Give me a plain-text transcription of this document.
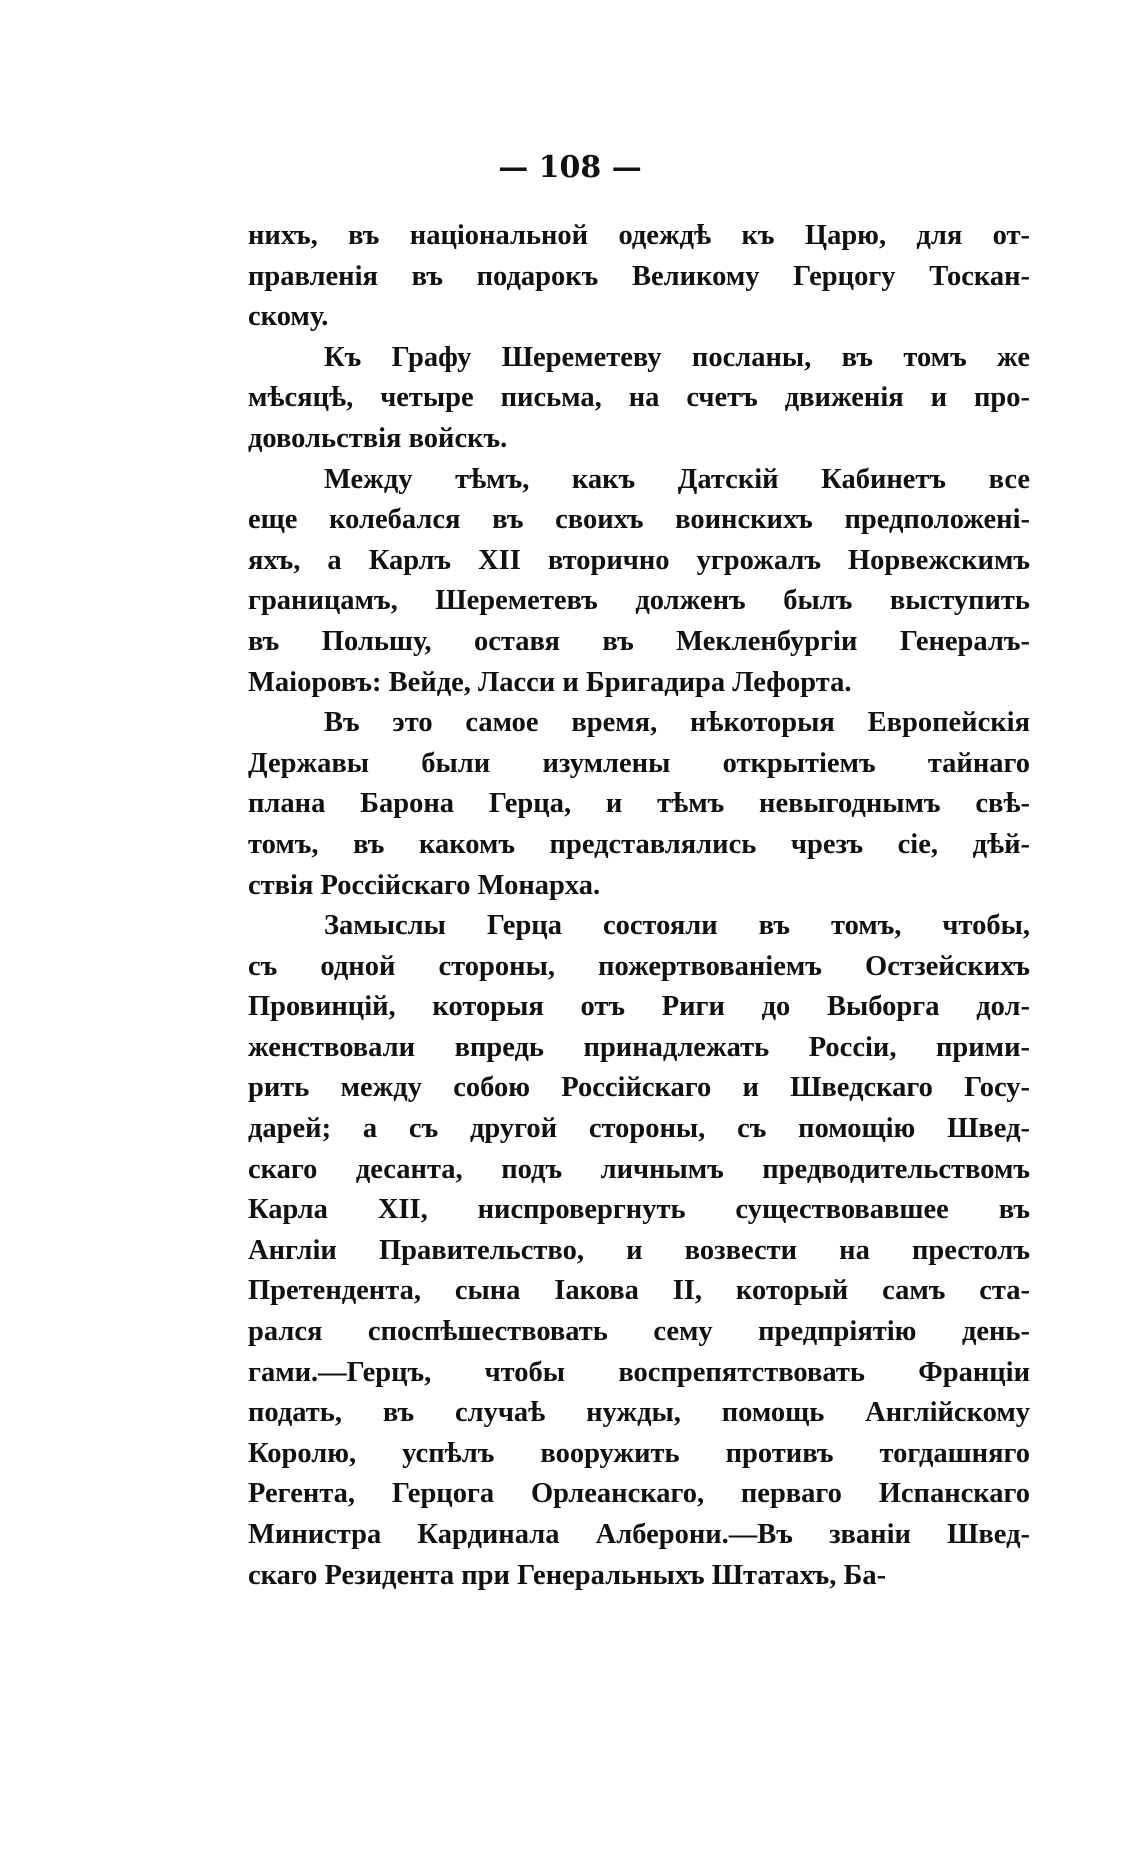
— 108 —
нихъ, въ національной одеждѣ къ Царю, для от-
правленія въ подарокъ Великому Герцогу Тоскан-
скому.
Къ Графу Шереметеву посланы, въ томъ же
мѣсяцѣ, четыре письма, на счетъ движенія и про-
довольствія войскъ.
Между тѣмъ, какъ Датскій Кабинетъ все
еще колебался въ своихъ воинскихъ предположені-
яхъ, а Карлъ XII вторично угрожалъ Норвежскимъ
границамъ, Шереметевъ долженъ былъ выступить
въ Польшу, оставя въ Мекленбургіи Генералъ-
Маіоровъ: Вейде, Ласси и Бригадира Лефорта.
Въ это самое время, нѣкоторыя Европейскія
Державы были изумлены открытіемъ тайнаго
плана Барона Герца, и тѣмъ невыгоднымъ свѣ-
томъ, въ какомъ представлялись чрезъ сіе, дѣй-
ствія Россійскаго Монарха.
Замыслы Герца состояли въ томъ, чтобы,
съ одной стороны, пожертвованіемъ Остзейскихъ
Провинцій, которыя отъ Риги до Выборга дол-
женствовали впредь принадлежать Россіи, прими-
рить между собою Россійскаго и Шведскаго Госу-
дарей; а съ другой стороны, съ помощію Швед-
скаго десанта, подъ личнымъ предводительствомъ
Карла XII, ниспровергнуть существовавшее въ
Англіи Правительство, и возвести на престолъ
Претендента, сына Іакова II, который самъ ста-
рался споспѣшествовать сему предпріятію день-
гами.—Герцъ, чтобы воспрепятствовать Франціи
подать, въ случаѣ нужды, помощь Англійскому
Королю, успѣлъ вооружить противъ тогдашняго
Регента, Герцога Орлеанскаго, перваго Испанскаго
Министра Кардинала Алберони.—Въ званіи Швед-
скаго Резидента при Генеральныхъ Штатахъ, Ба-
